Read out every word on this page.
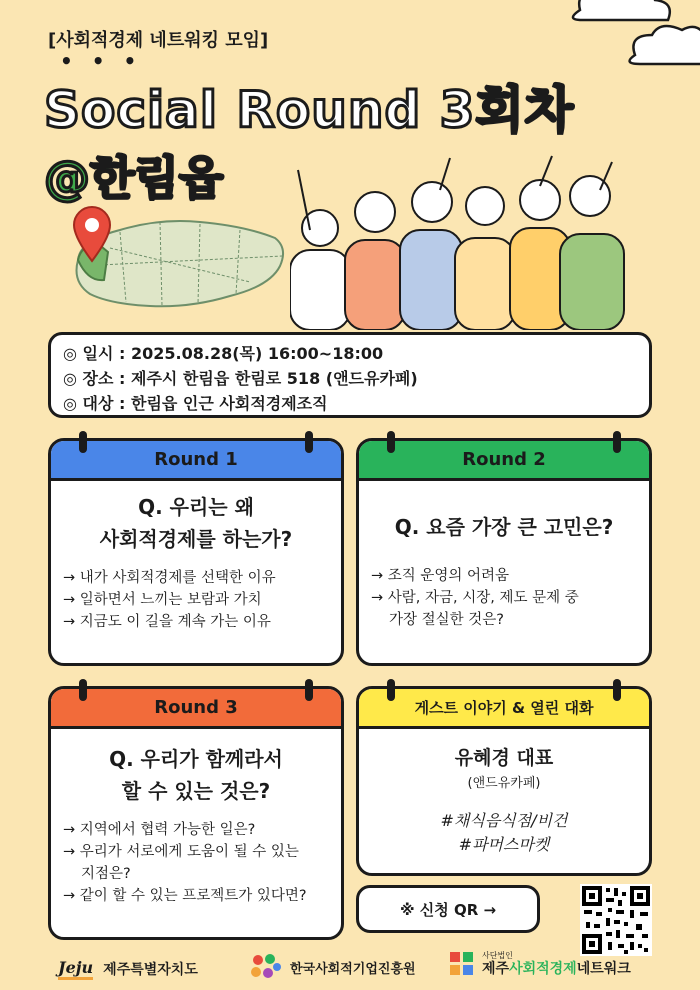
[사회적경제 네트워킹 모임]
• • •
Social Round 3회차
@한림읍
◎ 일시 : 2025.08.28(목) 16:00~18:00
◎ 장소 : 제주시 한림읍 한림로 518 (앤드유카페)
◎ 대상 : 한림읍 인근 사회적경제조직
Round 1
Q. 우리는 왜
사회적경제를 하는가?
→ 내가 사회적경제를 선택한 이유
→ 일하면서 느끼는 보람과 가치
→ 지금도 이 길을 계속 가는 이유
Round 2
Q. 요즘 가장 큰 고민은?
→ 조직 운영의 어려움
→ 사람, 자금, 시장, 제도 문제 중
가장 절실한 것은?
Round 3
Q. 우리가 함께라서
할 수 있는 것은?
→ 지역에서 협력 가능한 일은?
→ 우리가 서로에게 도움이 될 수 있는
지점은?
→ 같이 할 수 있는 프로젝트가 있다면?
게스트 이야기 & 열린 대화
유혜경 대표
(앤드유카페)
#채식음식점/비건
#파머스마켓
※ 신청 QR →
Jeju 제주특별자치도	한국사회적기업진흥원
사단법인
제주사회적경제네트워크
